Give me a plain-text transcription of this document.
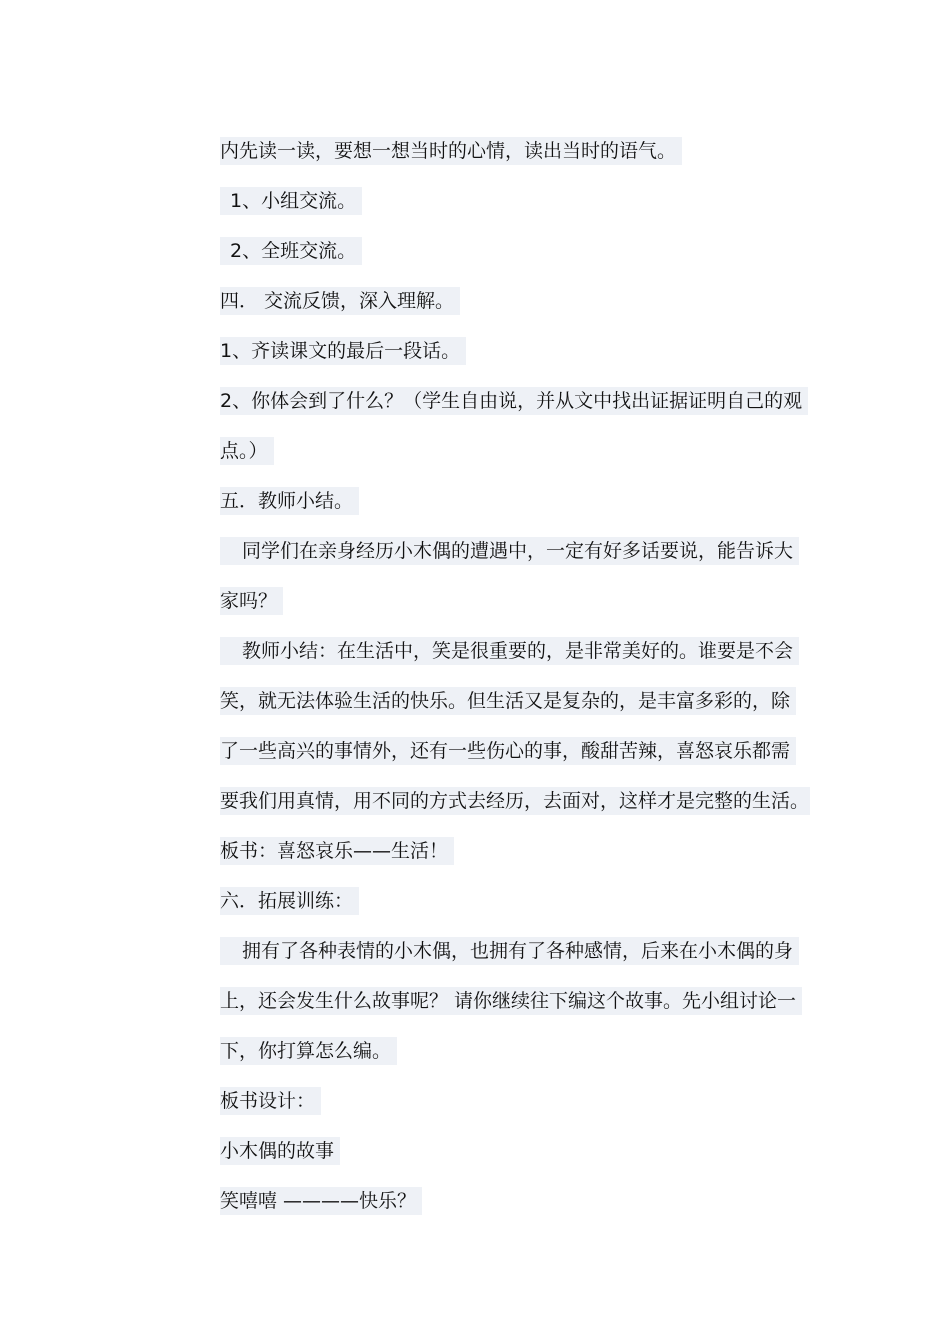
内先读一读，要想一想当时的心情，读出当时的语气。
1、小组交流。
2、全班交流。
四． 交流反馈，深入理解。
1、齐读课文的最后一段话。
2、你体会到了什么？（学生自由说，并从文中找出证据证明自己的观
点。）
五．教师小结。
同学们在亲身经历小木偶的遭遇中，一定有好多话要说，能告诉大
家吗？
教师小结：在生活中，笑是很重要的，是非常美好的。谁要是不会
笑，就无法体验生活的快乐。但生活又是复杂的，是丰富多彩的，除
了一些高兴的事情外，还有一些伤心的事，酸甜苦辣，喜怒哀乐都需
要我们用真情，用不同的方式去经历，去面对，这样才是完整的生活。
板书：喜怒哀乐——生活！
六．拓展训练：
拥有了各种表情的小木偶，也拥有了各种感情，后来在小木偶的身
上，还会发生什么故事呢？ 请你继续往下编这个故事。先小组讨论一
下，你打算怎么编。
板书设计：
小木偶的故事
笑嘻嘻 ————快乐？
